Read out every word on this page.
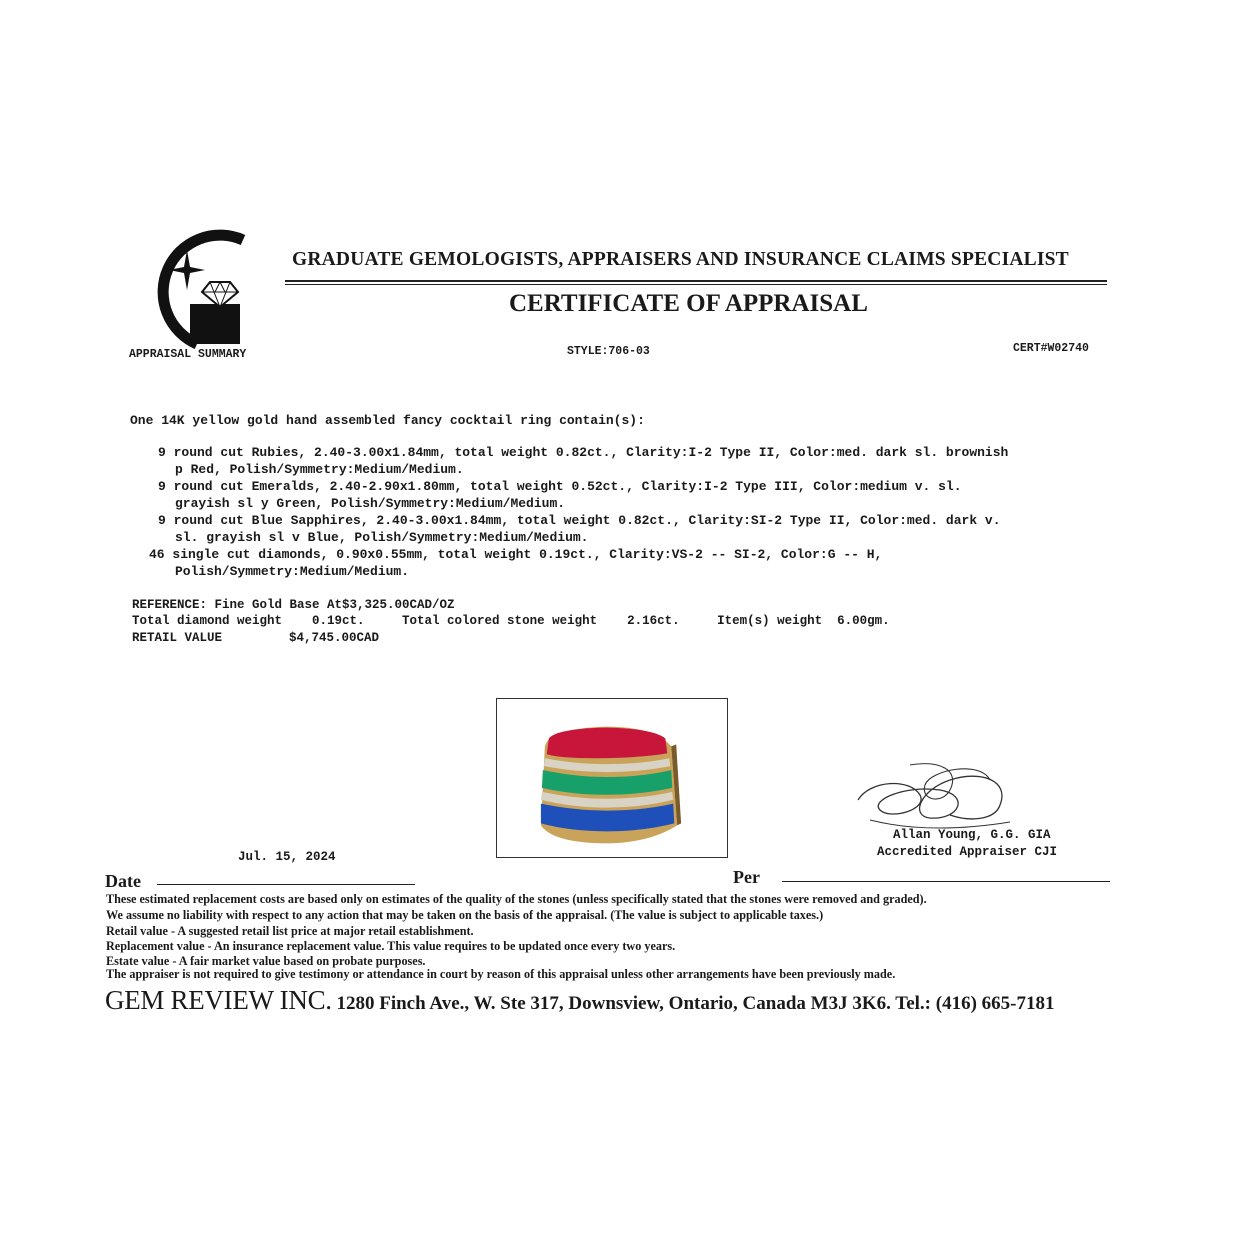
GRADUATE GEMOLOGISTS, APPRAISERS AND INSURANCE CLAIMS SPECIALIST
CERTIFICATE OF APPRAISAL
APPRAISAL SUMMARY	STYLE:706-03	CERT#W02740
One 14K yellow gold hand assembled fancy cocktail ring contain(s):
9 round cut Rubies, 2.40-3.00x1.84mm, total weight 0.82ct., Clarity:I-2 Type II, Color:med. dark sl. brownish
p Red, Polish/Symmetry:Medium/Medium.
9 round cut Emeralds, 2.40-2.90x1.80mm, total weight 0.52ct., Clarity:I-2 Type III, Color:medium v. sl.
grayish sl y Green, Polish/Symmetry:Medium/Medium.
9 round cut Blue Sapphires, 2.40-3.00x1.84mm, total weight 0.82ct., Clarity:SI-2 Type II, Color:med. dark v.
sl. grayish sl v Blue, Polish/Symmetry:Medium/Medium.
46 single cut diamonds, 0.90x0.55mm, total weight 0.19ct., Clarity:VS-2 -- SI-2, Color:G -- H,
Polish/Symmetry:Medium/Medium.
REFERENCE: Fine Gold Base At$3,325.00CAD/OZ
Total diamond weight    0.19ct.     Total colored stone weight    2.16ct.     Item(s) weight  6.00gm.
RETAIL VALUE	$4,745.00CAD
Allan Young, G.G. GIA
Accredited Appraiser CJI
Jul. 15, 2024
Date	Per
These estimated replacement costs are based only on estimates of the quality of the stones (unless specifically stated that the stones were removed and graded).
We assume no liability with respect to any action that may be taken on the basis of the appraisal. (The value is subject to applicable taxes.)
Retail value - A suggested retail list price at major retail establishment.
Replacement value - An insurance replacement value. This value requires to be updated once every two years.
Estate value - A fair market value based on probate purposes.
The appraiser is not required to give testimony or attendance in court by reason of this appraisal unless other arrangements have been previously made.
GEM REVIEW INC. 1280 Finch Ave., W. Ste 317, Downsview, Ontario, Canada M3J 3K6. Tel.: (416) 665-7181
